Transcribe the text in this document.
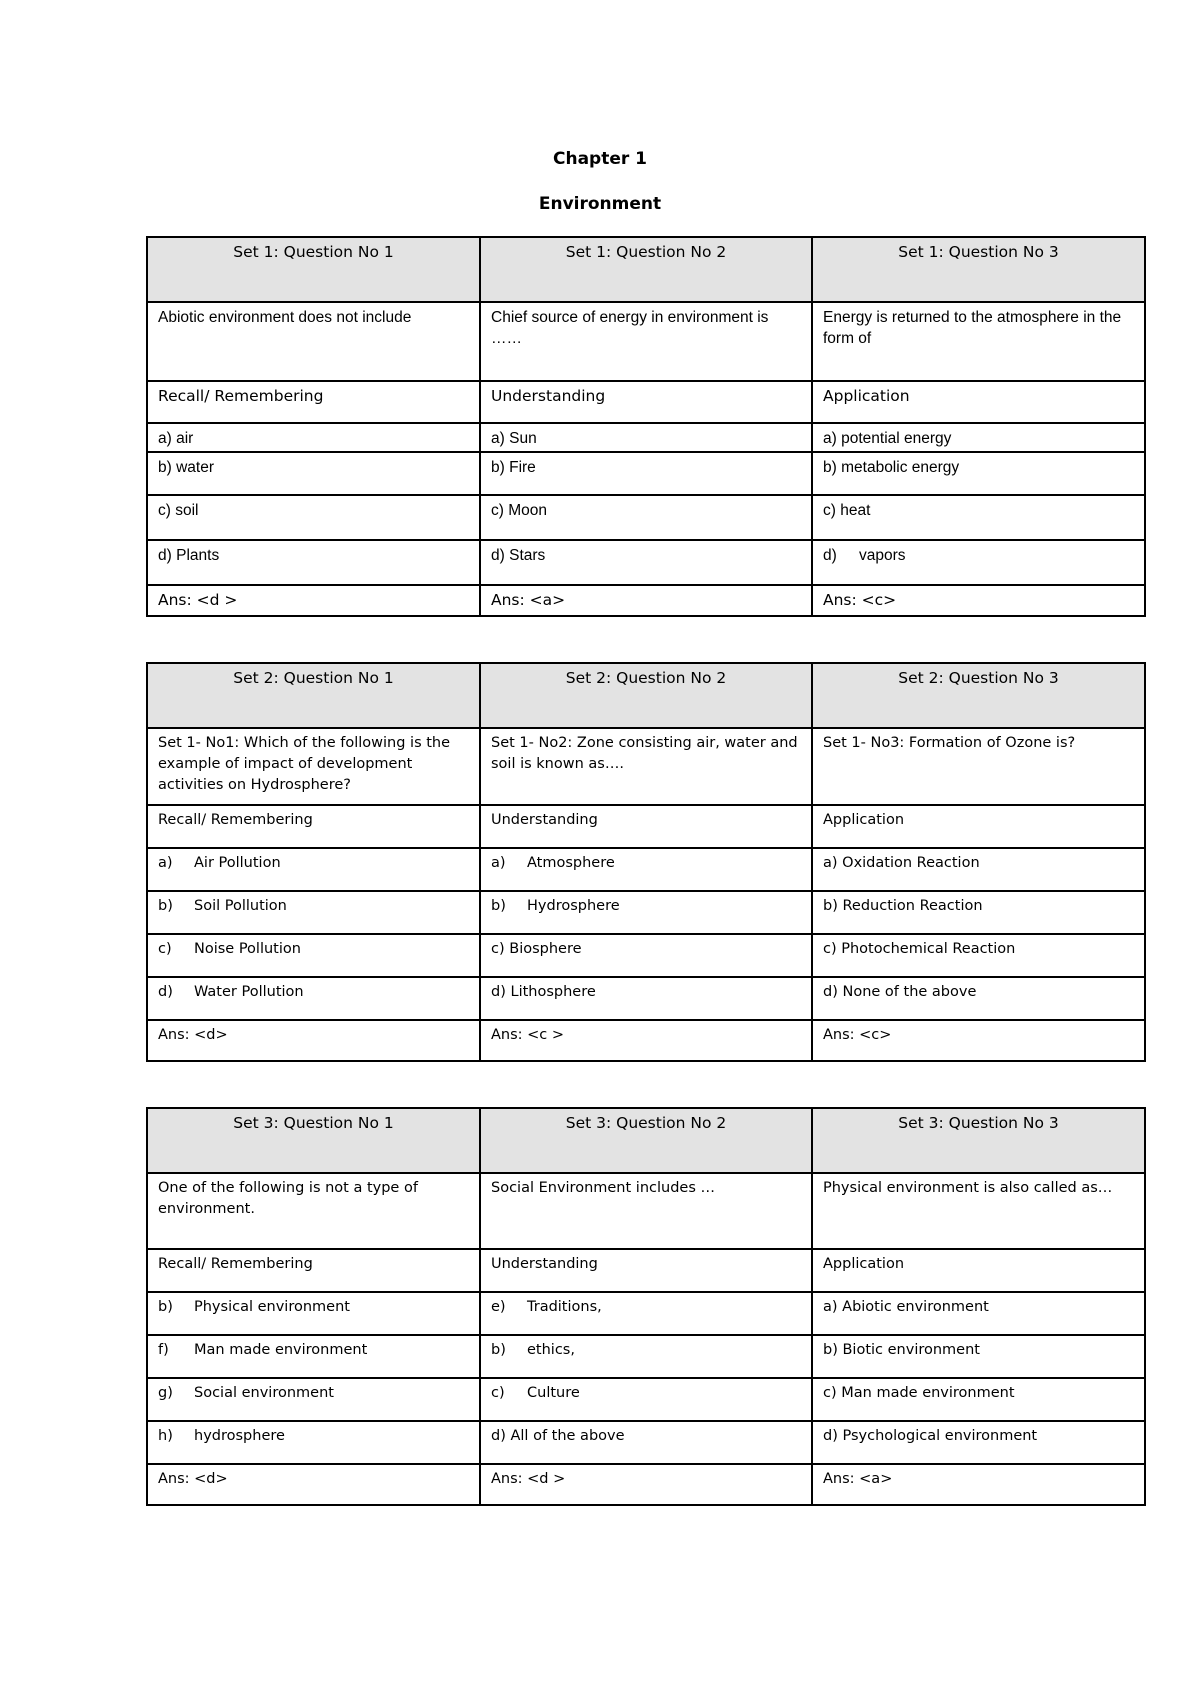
Chapter 1
Environment
Set 1: Question No 1	Set 1: Question No 2	Set 1: Question No 3
Abiotic environment does not include	Chief source of energy in environment is ……	Energy is returned to the atmosphere in the form of
Recall/ Remembering	Understanding	Application
a) air	a) Sun	a) potential energy
b) water	b) Fire	b) metabolic energy
c) soil	c) Moon	c) heat
d) Plants	d) Stars	d) vapors
Ans: <d >	Ans: <a>	Ans: <c>
Set 2: Question No 1	Set 2: Question No 2	Set 2: Question No 3
Set 1- No1: Which of the following is the example of impact of development activities on Hydrosphere?	Set 1- No2: Zone consisting air, water and soil is known as….	Set 1- No3: Formation of Ozone is?
Recall/ Remembering	Understanding	Application
a) Air Pollution	a) Atmosphere	a) Oxidation Reaction
b) Soil Pollution	b) Hydrosphere	b) Reduction Reaction
c) Noise Pollution	c) Biosphere	c) Photochemical Reaction
d) Water Pollution	d) Lithosphere	d) None of the above
Ans: <d>	Ans: <c >	Ans: <c>
Set 3: Question No 1	Set 3: Question No 2	Set 3: Question No 3
One of the following is not a type of environment.	Social Environment includes …	Physical environment is also called as…
Recall/ Remembering	Understanding	Application
b) Physical environment	e) Traditions,	a) Abiotic environment
f) Man made environment	b) ethics,	b) Biotic environment
g) Social environment	c) Culture	c) Man made environment
h) hydrosphere	d) All of the above	d) Psychological environment
Ans: <d>	Ans: <d >	Ans: <a>
